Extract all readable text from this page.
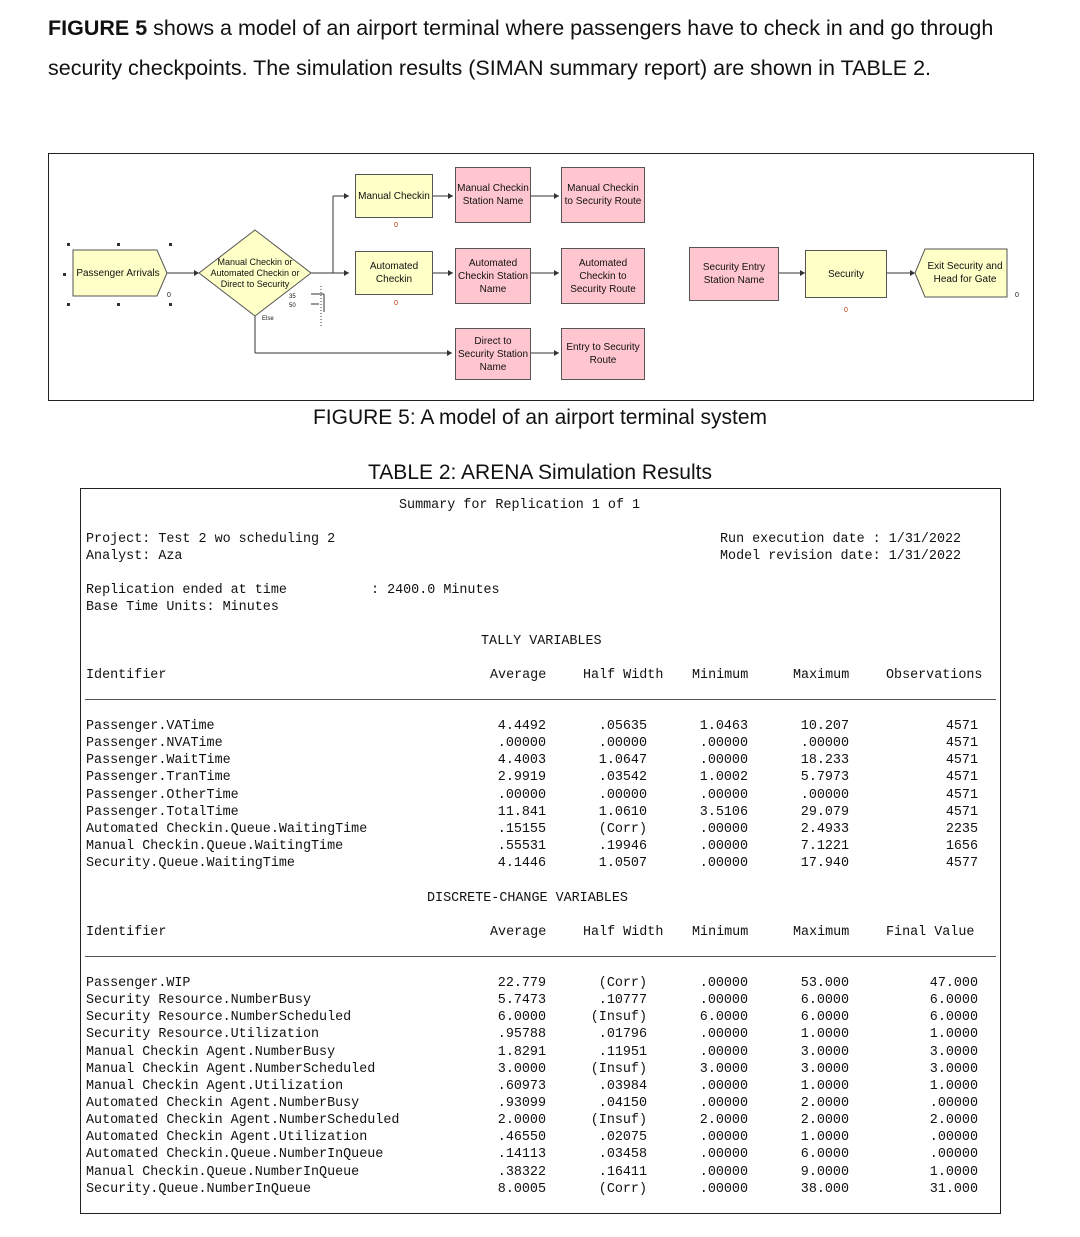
FIGURE 5 shows a model of an airport terminal where passengers have to check in and go through security checkpoints. The simulation results (SIMAN summary report) are shown in TABLE 2.
Passenger Arrivals
Manual Checkin or Automated Checkin or Direct to Security
35
50
Else
Manual Checkin
Automated Checkin
0
0
Manual Checkin Station Name
Manual Checkin to Security Route
Automated Checkin Station Name
Automated Checkin to Security Route
Direct to Security Station Name
Entry to Security Route
Security Entry Station Name
Security
0
Exit Security and Head for Gate
0
0
FIGURE 5: A model of an airport terminal system
TABLE 2: ARENA Simulation Results
Summary for Replication 1 of 1
Project: Test 2 wo scheduling 2
Analyst: Aza
Run execution date : 1/31/2022
Model revision date: 1/31/2022
Replication ended at time	: 2400.0 Minutes
Base Time Units: Minutes
TALLY VARIABLES
Identifier	Average	Half Width Minimum	Maximum	Observations
Passenger.VATime	4.4492	.05635	1.0463	10.207	4571
Passenger.NVATime	.00000	.00000	.00000	.00000	4571
Passenger.WaitTime	4.4003	1.0647	.00000	18.233	4571
Passenger.TranTime	2.9919	.03542	1.0002	5.7973	4571
Passenger.OtherTime	.00000	.00000	.00000	.00000	4571
Passenger.TotalTime	11.841	1.0610	3.5106	29.079	4571
Automated Checkin.Queue.WaitingTime	.15155	(Corr)	.00000	2.4933	2235
Manual Checkin.Queue.WaitingTime	.55531	.19946	.00000	7.1221	1656
Security.Queue.WaitingTime	4.1446	1.0507	.00000	17.940	4577
DISCRETE-CHANGE VARIABLES
Identifier	Average	Half Width Minimum	Maximum	Final Value
Passenger.WIP	22.779	(Corr)	.00000	53.000	47.000
Security Resource.NumberBusy	5.7473	.10777	.00000	6.0000	6.0000
Security Resource.NumberScheduled	6.0000	(Insuf)	6.0000	6.0000	6.0000
Security Resource.Utilization	.95788	.01796	.00000	1.0000	1.0000
Manual Checkin Agent.NumberBusy	1.8291	.11951	.00000	3.0000	3.0000
Manual Checkin Agent.NumberScheduled	3.0000	(Insuf)	3.0000	3.0000	3.0000
Manual Checkin Agent.Utilization	.60973	.03984	.00000	1.0000	1.0000
Automated Checkin Agent.NumberBusy	.93099	.04150	.00000	2.0000	.00000
Automated Checkin Agent.NumberScheduled	2.0000	(Insuf)	2.0000	2.0000	2.0000
Automated Checkin Agent.Utilization	.46550	.02075	.00000	1.0000	.00000
Automated Checkin.Queue.NumberInQueue	.14113	.03458	.00000	6.0000	.00000
Manual Checkin.Queue.NumberInQueue	.38322	.16411	.00000	9.0000	1.0000
Security.Queue.NumberInQueue	8.0005	(Corr)	.00000	38.000	31.000
